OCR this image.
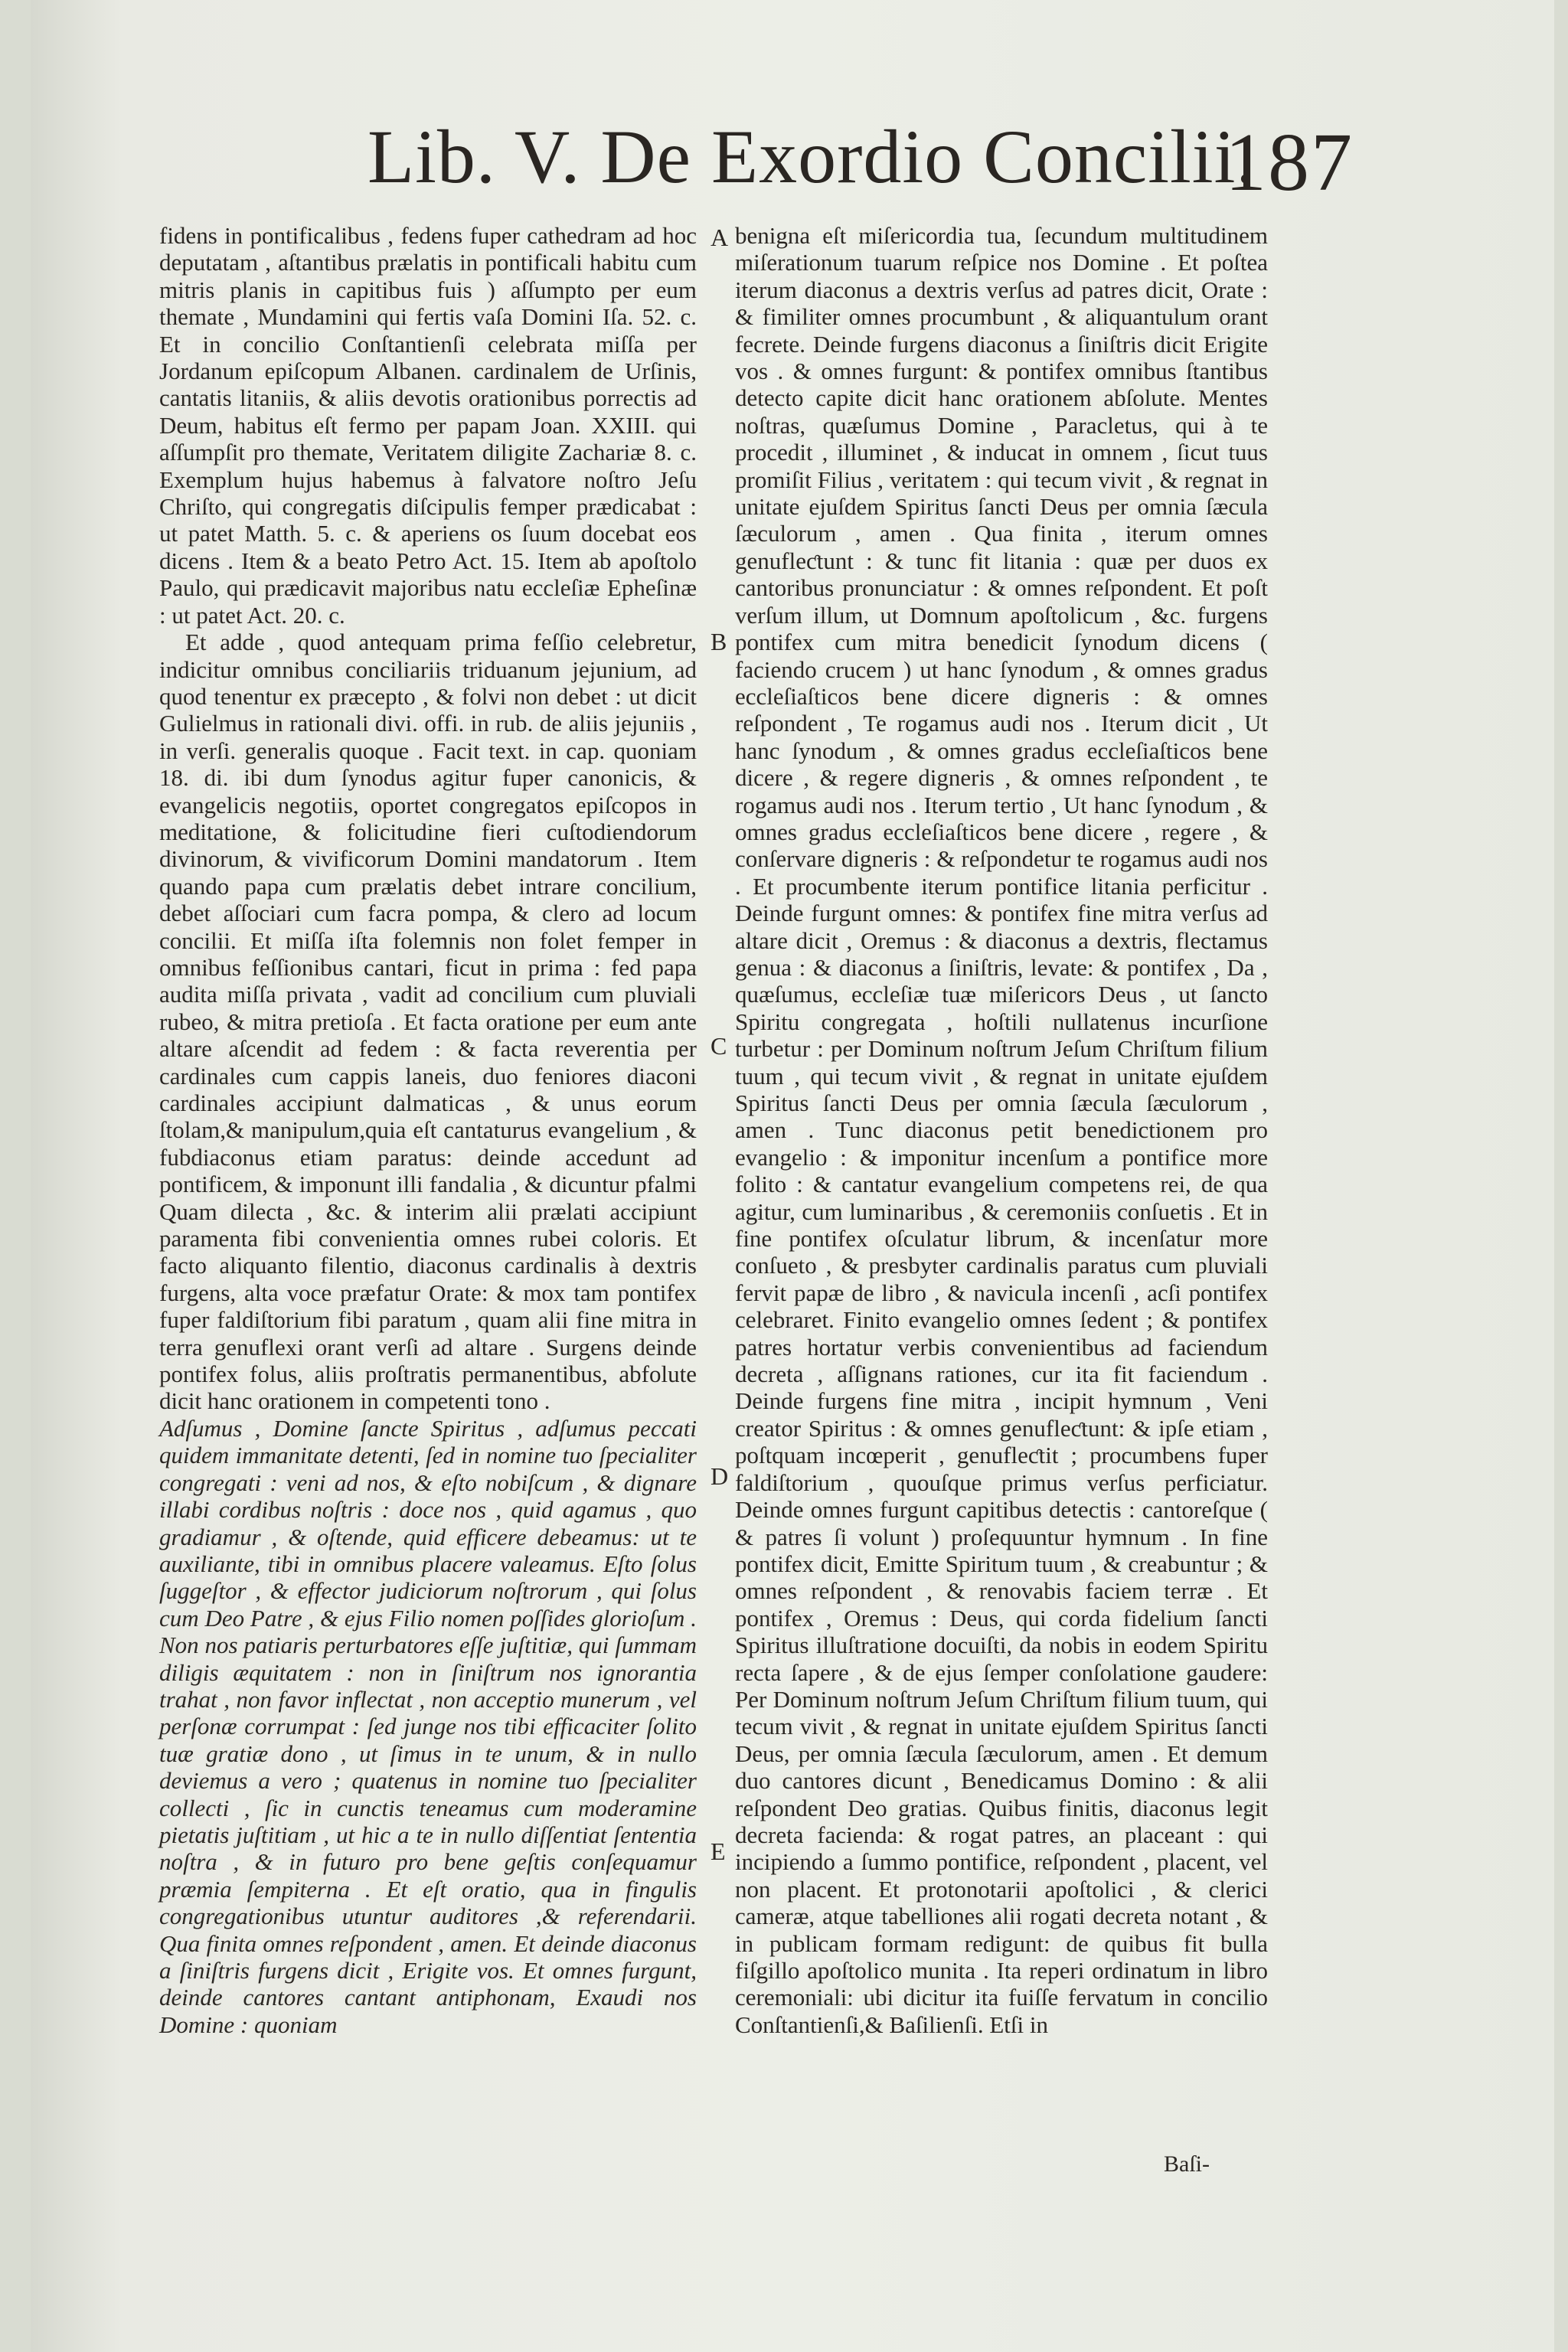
Lib. V. De Exordio Concilii.
187

fidens in pontificalibus , fedens fuper cathedram ad hoc deputatam , aſtantibus prælatis in pontificali habitu cum mitris planis in capitibus fuis ) aſſumpto per eum themate , Mundamini qui fertis vaſa Domini Iſa. 52. c. Et in concilio Conſtantienſi celebrata miſſa per Jordanum epiſcopum Albanen. cardinalem de Urſinis, cantatis litaniis, & aliis devotis orationibus porrectis ad Deum, habitus eſt fermo per papam Joan. XXIII. qui aſſumpſit pro themate, Veritatem diligite Zachariæ 8. c. Exemplum hujus habemus à falvatore noſtro Jeſu Chriſto, qui congregatis diſcipulis femper prædicabat : ut patet Matth. 5. c. & aperiens os ſuum docebat eos dicens . Item & a beato Petro Act. 15. Item ab apoſtolo Paulo, qui prædicavit majoribus natu eccleſiæ Epheſinæ : ut patet Act. 20. c.

Et adde , quod antequam prima feſſio celebretur, indicitur omnibus conciliariis triduanum jejunium, ad quod tenentur ex præcepto , & folvi non debet : ut dicit Gulielmus in rationali divi. offi. in rub. de aliis jejuniis , in verſi. generalis quoque . Facit text. in cap. quoniam 18. di. ibi dum ſynodus agitur fuper canonicis, & evangelicis negotiis, oportet congregatos epiſcopos in meditatione, & folicitudine fieri cuſtodiendorum divinorum, & vivificorum Domini mandatorum . Item quando papa cum prælatis debet intrare concilium, debet aſſociari cum facra pompa, & clero ad locum concilii. Et miſſa iſta folemnis non folet femper in omnibus feſſionibus cantari, ficut in prima : fed papa audita miſſa privata , vadit ad concilium cum pluviali rubeo, & mitra pretioſa . Et facta oratione per eum ante altare aſcendit ad fedem : & facta reverentia per cardinales cum cappis laneis, duo feniores diaconi cardinales accipiunt dalmaticas , & unus eorum ſtolam,& manipulum,quia eſt cantaturus evangelium , & fubdiaconus etiam paratus: deinde accedunt ad pontificem, & imponunt illi fandalia , & dicuntur pfalmi Quam dilecta , &c. & interim alii prælati accipiunt paramenta fibi convenientia omnes rubei coloris. Et facto aliquanto filentio, diaconus cardinalis à dextris furgens, alta voce præfatur Orate: & mox tam pontifex fuper faldiſtorium fibi paratum , quam alii fine mitra in terra genuflexi orant verſi ad altare . Surgens deinde pontifex folus, aliis proſtratis permanentibus, abfolute dicit hanc orationem in competenti tono .

Adſumus , Domine ſancte Spiritus , adſumus peccati quidem immanitate detenti, ſed in nomine tuo ſpecialiter congregati : veni ad nos, & eſto nobiſcum , & dignare illabi cordibus noſtris : doce nos , quid agamus , quo gradiamur , & oſtende, quid efficere debeamus: ut te auxiliante, tibi in omnibus placere valeamus. Eſto ſolus ſuggeſtor , & effector judiciorum noſtrorum , qui ſolus cum Deo Patre , & ejus Filio nomen poſſides glorioſum . Non nos patiaris perturbatores eſſe juſtitiæ, qui ſummam diligis æquitatem : non in ſiniſtrum nos ignorantia trahat , non favor inflectat , non acceptio munerum , vel perſonæ corrumpat : ſed junge nos tibi efficaciter ſolito tuæ gratiæ dono , ut ſimus in te unum, & in nullo deviemus a vero ; quatenus in nomine tuo ſpecialiter collecti , ſic in cunctis teneamus cum moderamine pietatis juſtitiam , ut hic a te in nullo diſſentiat ſententia noſtra , & in futuro pro bene geſtis conſequamur præmia ſempiterna . Et eſt oratio, qua in fingulis congregationibus utuntur auditores ,& referendarii. Qua finita omnes reſpondent , amen. Et deinde diaconus a ſiniſtris furgens dicit , Erigite vos. Et omnes furgunt, deinde cantores cantant antiphonam, Exaudi nos Domine : quoniam

benigna eſt miſericordia tua, ſecundum multitudinem miſerationum tuarum reſpice nos Domine . Et poſtea iterum diaconus a dextris verſus ad patres dicit, Orate : & fimiliter omnes procumbunt , & aliquantulum orant fecrete. Deinde furgens diaconus a ſiniſtris dicit Erigite vos . & omnes furgunt: & pontifex omnibus ſtantibus detecto capite dicit hanc orationem abſolute. Mentes noſtras, quæſumus Domine , Paracletus, qui à te procedit , illuminet , & inducat in omnem , ſicut tuus promiſit Filius , veritatem : qui tecum vivit , & regnat in unitate ejuſdem Spiritus ſancti Deus per omnia ſæcula ſæculorum , amen . Qua finita , iterum omnes genufleƈtunt : & tunc fit litania : quæ per duos ex cantoribus pronunciatur : & omnes reſpondent. Et poſt verſum illum, ut Domnum apoſtolicum , &c. furgens pontifex cum mitra benedicit ſynodum dicens ( faciendo crucem ) ut hanc ſynodum , & omnes gradus eccleſiaſticos bene dicere digneris : & omnes reſpondent , Te rogamus audi nos . Iterum dicit , Ut hanc ſynodum , & omnes gradus eccleſiaſticos bene dicere , & regere digneris , & omnes reſpondent , te rogamus audi nos . Iterum tertio , Ut hanc ſynodum , & omnes gradus eccleſiaſticos bene dicere , regere , & conſervare digneris : & reſpondetur te rogamus audi nos . Et procumbente iterum pontifice litania perficitur . Deinde furgunt omnes: & pontifex fine mitra verſus ad altare dicit , Oremus : & diaconus a dextris, flectamus genua : & diaconus a ſiniſtris, levate: & pontifex , Da , quæſumus, eccleſiæ tuæ miſericors Deus , ut ſancto Spiritu congregata , hoſtili nullatenus incurſione turbetur : per Dominum noſtrum Jeſum Chriſtum filium tuum , qui tecum vivit , & regnat in unitate ejuſdem Spiritus ſancti Deus per omnia ſæcula ſæculorum , amen . Tunc diaconus petit benedictionem pro evangelio : & imponitur incenſum a pontifice more folito : & cantatur evangelium competens rei, de qua agitur, cum luminaribus , & ceremoniis conſuetis . Et in fine pontifex oſculatur librum, & incenſatur more conſueto , & presbyter cardinalis paratus cum pluviali fervit papæ de libro , & navicula incenſi , acſi pontifex celebraret. Finito evangelio omnes ſedent ; & pontifex patres hortatur verbis convenientibus ad faciendum decreta , aſſignans rationes, cur ita fit faciendum . Deinde furgens fine mitra , incipit hymnum , Veni creator Spiritus : & omnes genufleƈtunt: & ipſe etiam , poſtquam incœperit , genufleƈtit ; procumbens fuper faldiſtorium , quouſque primus verſus perficiatur. Deinde omnes furgunt capitibus detectis : cantoreſque ( & patres ſi volunt ) proſequuntur hymnum . In fine pontifex dicit, Emitte Spiritum tuum , & creabuntur ; & omnes reſpondent , & renovabis faciem terræ . Et pontifex , Oremus : Deus, qui corda fidelium ſancti Spiritus illuſtratione docuiſti, da nobis in eodem Spiritu recta ſapere , & de ejus ſemper conſolatione gaudere: Per Dominum noſtrum Jeſum Chriſtum filium tuum, qui tecum vivit , & regnat in unitate ejuſdem Spiritus ſancti Deus, per omnia ſæcula ſæculorum, amen . Et demum duo cantores dicunt , Benedicamus Domino : & alii reſpondent Deo gratias. Quibus finitis, diaconus legit decreta facienda: & rogat patres, an placeant : qui incipiendo a ſummo pontifice, reſpondent , placent, vel non placent. Et protonotarii apoſtolici , & clerici cameræ, atque tabelliones alii rogati decreta notant , & in publicam formam redigunt: de quibus fit bulla fiſgillo apoſtolico munita . Ita reperi ordinatum in libro ceremoniali: ubi dicitur ita fuiſſe fervatum in concilio Conſtantienſi,& Baſilienſi. Etſi in

A
B
C
D
E
Baſi-
